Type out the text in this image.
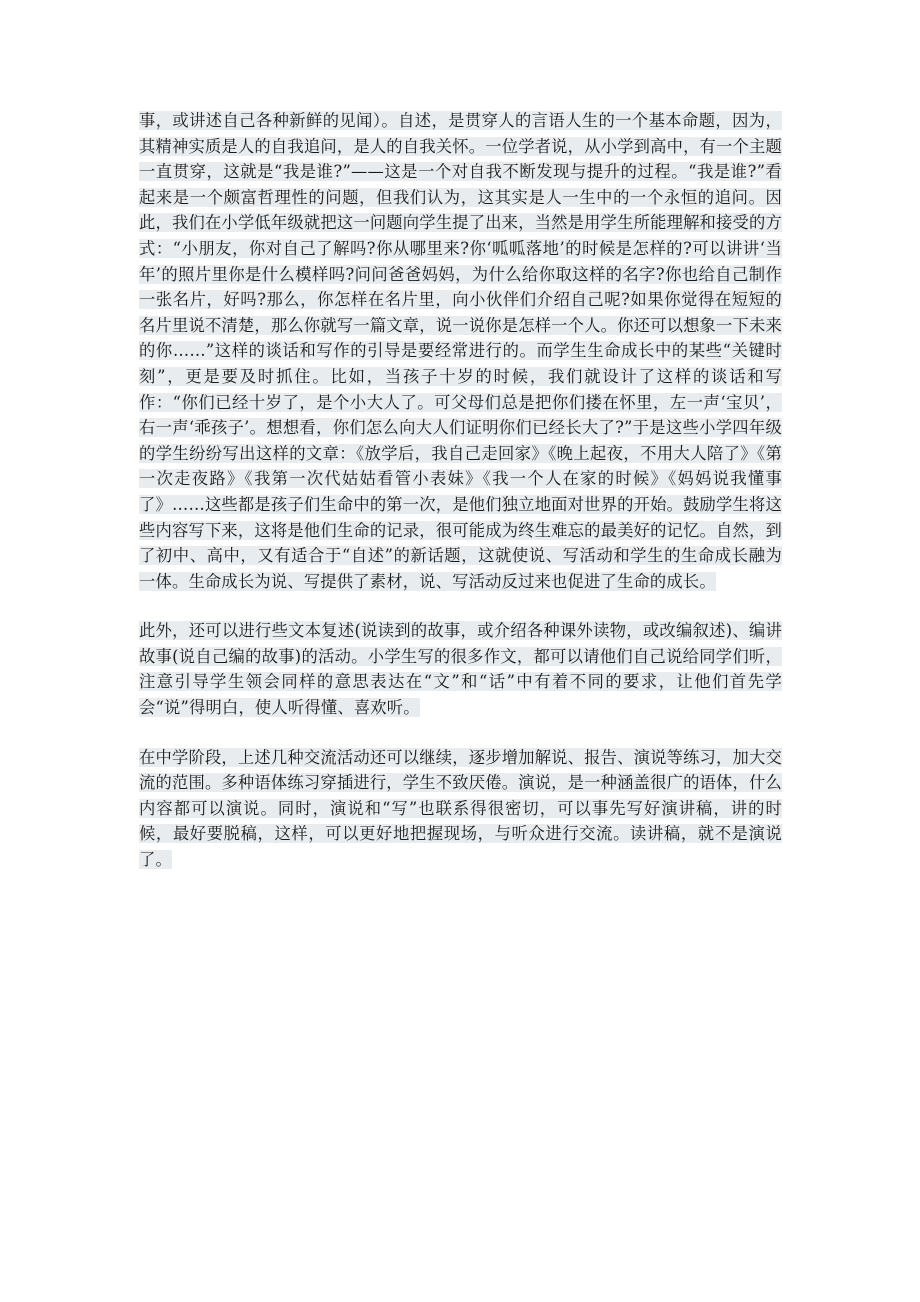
事，或讲述自己各种新鲜的见闻）。自述，是贯穿人的言语人生的一个基本命题，因为，其精神实质是人的自我追问，是人的自我关怀。一位学者说，从小学到高中，有一个主题一直贯穿，这就是“我是谁?”——这是一个对自我不断发现与提升的过程。“我是谁?”看起来是一个颇富哲理性的问题，但我们认为，这其实是人一生中的一个永恒的追问。因此，我们在小学低年级就把这一问题向学生提了出来，当然是用学生所能理解和接受的方式：“小朋友，你对自己了解吗?你从哪里来?你‘呱呱落地’的时候是怎样的?可以讲讲‘当年’的照片里你是什么模样吗?问问爸爸妈妈，为什么给你取这样的名字?你也给自己制作一张名片，好吗?那么，你怎样在名片里，向小伙伴们介绍自己呢?如果你觉得在短短的名片里说不清楚，那么你就写一篇文章，说一说你是怎样一个人。你还可以想象一下未来的你……”这样的谈话和写作的引导是要经常进行的。而学生生命成长中的某些“关键时刻”，更是要及时抓住。比如，当孩子十岁的时候，我们就设计了这样的谈话和写作：“你们已经十岁了，是个小大人了。可父母们总是把你们搂在怀里，左一声‘宝贝’，右一声‘乖孩子’。想想看，你们怎么向大人们证明你们已经长大了?”于是这些小学四年级的学生纷纷写出这样的文章：《放学后，我自己走回家》《晚上起夜，不用大人陪了》《第一次走夜路》《我第一次代姑姑看管小表妹》《我一个人在家的时候》《妈妈说我懂事了》……这些都是孩子们生命中的第一次，是他们独立地面对世界的开始。鼓励学生将这些内容写下来，这将是他们生命的记录，很可能成为终生难忘的最美好的记忆。自然，到了初中、高中，又有适合于“自述”的新话题，这就使说、写活动和学生的生命成长融为一体。生命成长为说、写提供了素材，说、写活动反过来也促进了生命的成长。

此外，还可以进行些文本复述(说读到的故事，或介绍各种课外读物，或改编叙述)、编讲故事(说自己编的故事)的活动。小学生写的很多作文，都可以请他们自己说给同学们听，注意引导学生领会同样的意思表达在“文”和“话”中有着不同的要求，让他们首先学会“说”得明白，使人听得懂、喜欢听。

在中学阶段，上述几种交流活动还可以继续，逐步增加解说、报告、演说等练习，加大交流的范围。多种语体练习穿插进行，学生不致厌倦。演说，是一种涵盖很广的语体，什么内容都可以演说。同时，演说和“写”也联系得很密切，可以事先写好演讲稿，讲的时候，最好要脱稿，这样，可以更好地把握现场，与听众进行交流。读讲稿，就不是演说了。
